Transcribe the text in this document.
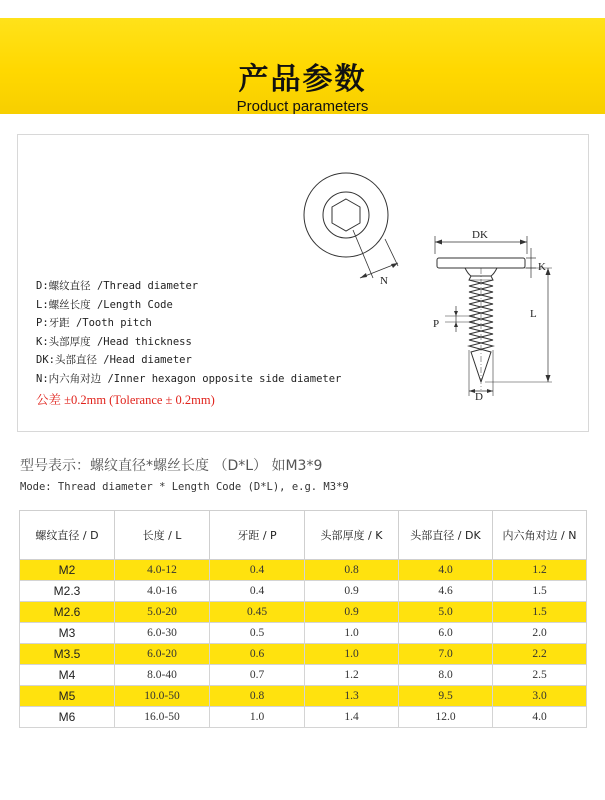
产品参数
Product parameters
N
DK
K
L
P
D
D:螺纹直径 /Thread diameter
L:螺丝长度 /Length Code
P:牙距 /Tooth pitch
K:头部厚度 /Head thickness
DK:头部直径 /Head diameter
N:内六角对边 /Inner hexagon opposite side diameter
公差 ±0.2mm (Tolerance ± 0.2mm)
型号表示：螺纹直径*螺丝长度 （D*L） 如M3*9
Mode: Thread diameter * Length Code (D*L), e.g. M3*9
螺纹直径 / D	长度 / L	牙距 / P	头部厚度 / K	头部直径 / DK	内六角对边 / N
M2	4.0-12	0.4	0.8	4.0	1.2
M2.3	4.0-16	0.4	0.9	4.6	1.5
M2.6	5.0-20	0.45	0.9	5.0	1.5
M3	6.0-30	0.5	1.0	6.0	2.0
M3.5	6.0-20	0.6	1.0	7.0	2.2
M4	8.0-40	0.7	1.2	8.0	2.5
M5	10.0-50	0.8	1.3	9.5	3.0
M6	16.0-50	1.0	1.4	12.0	4.0
